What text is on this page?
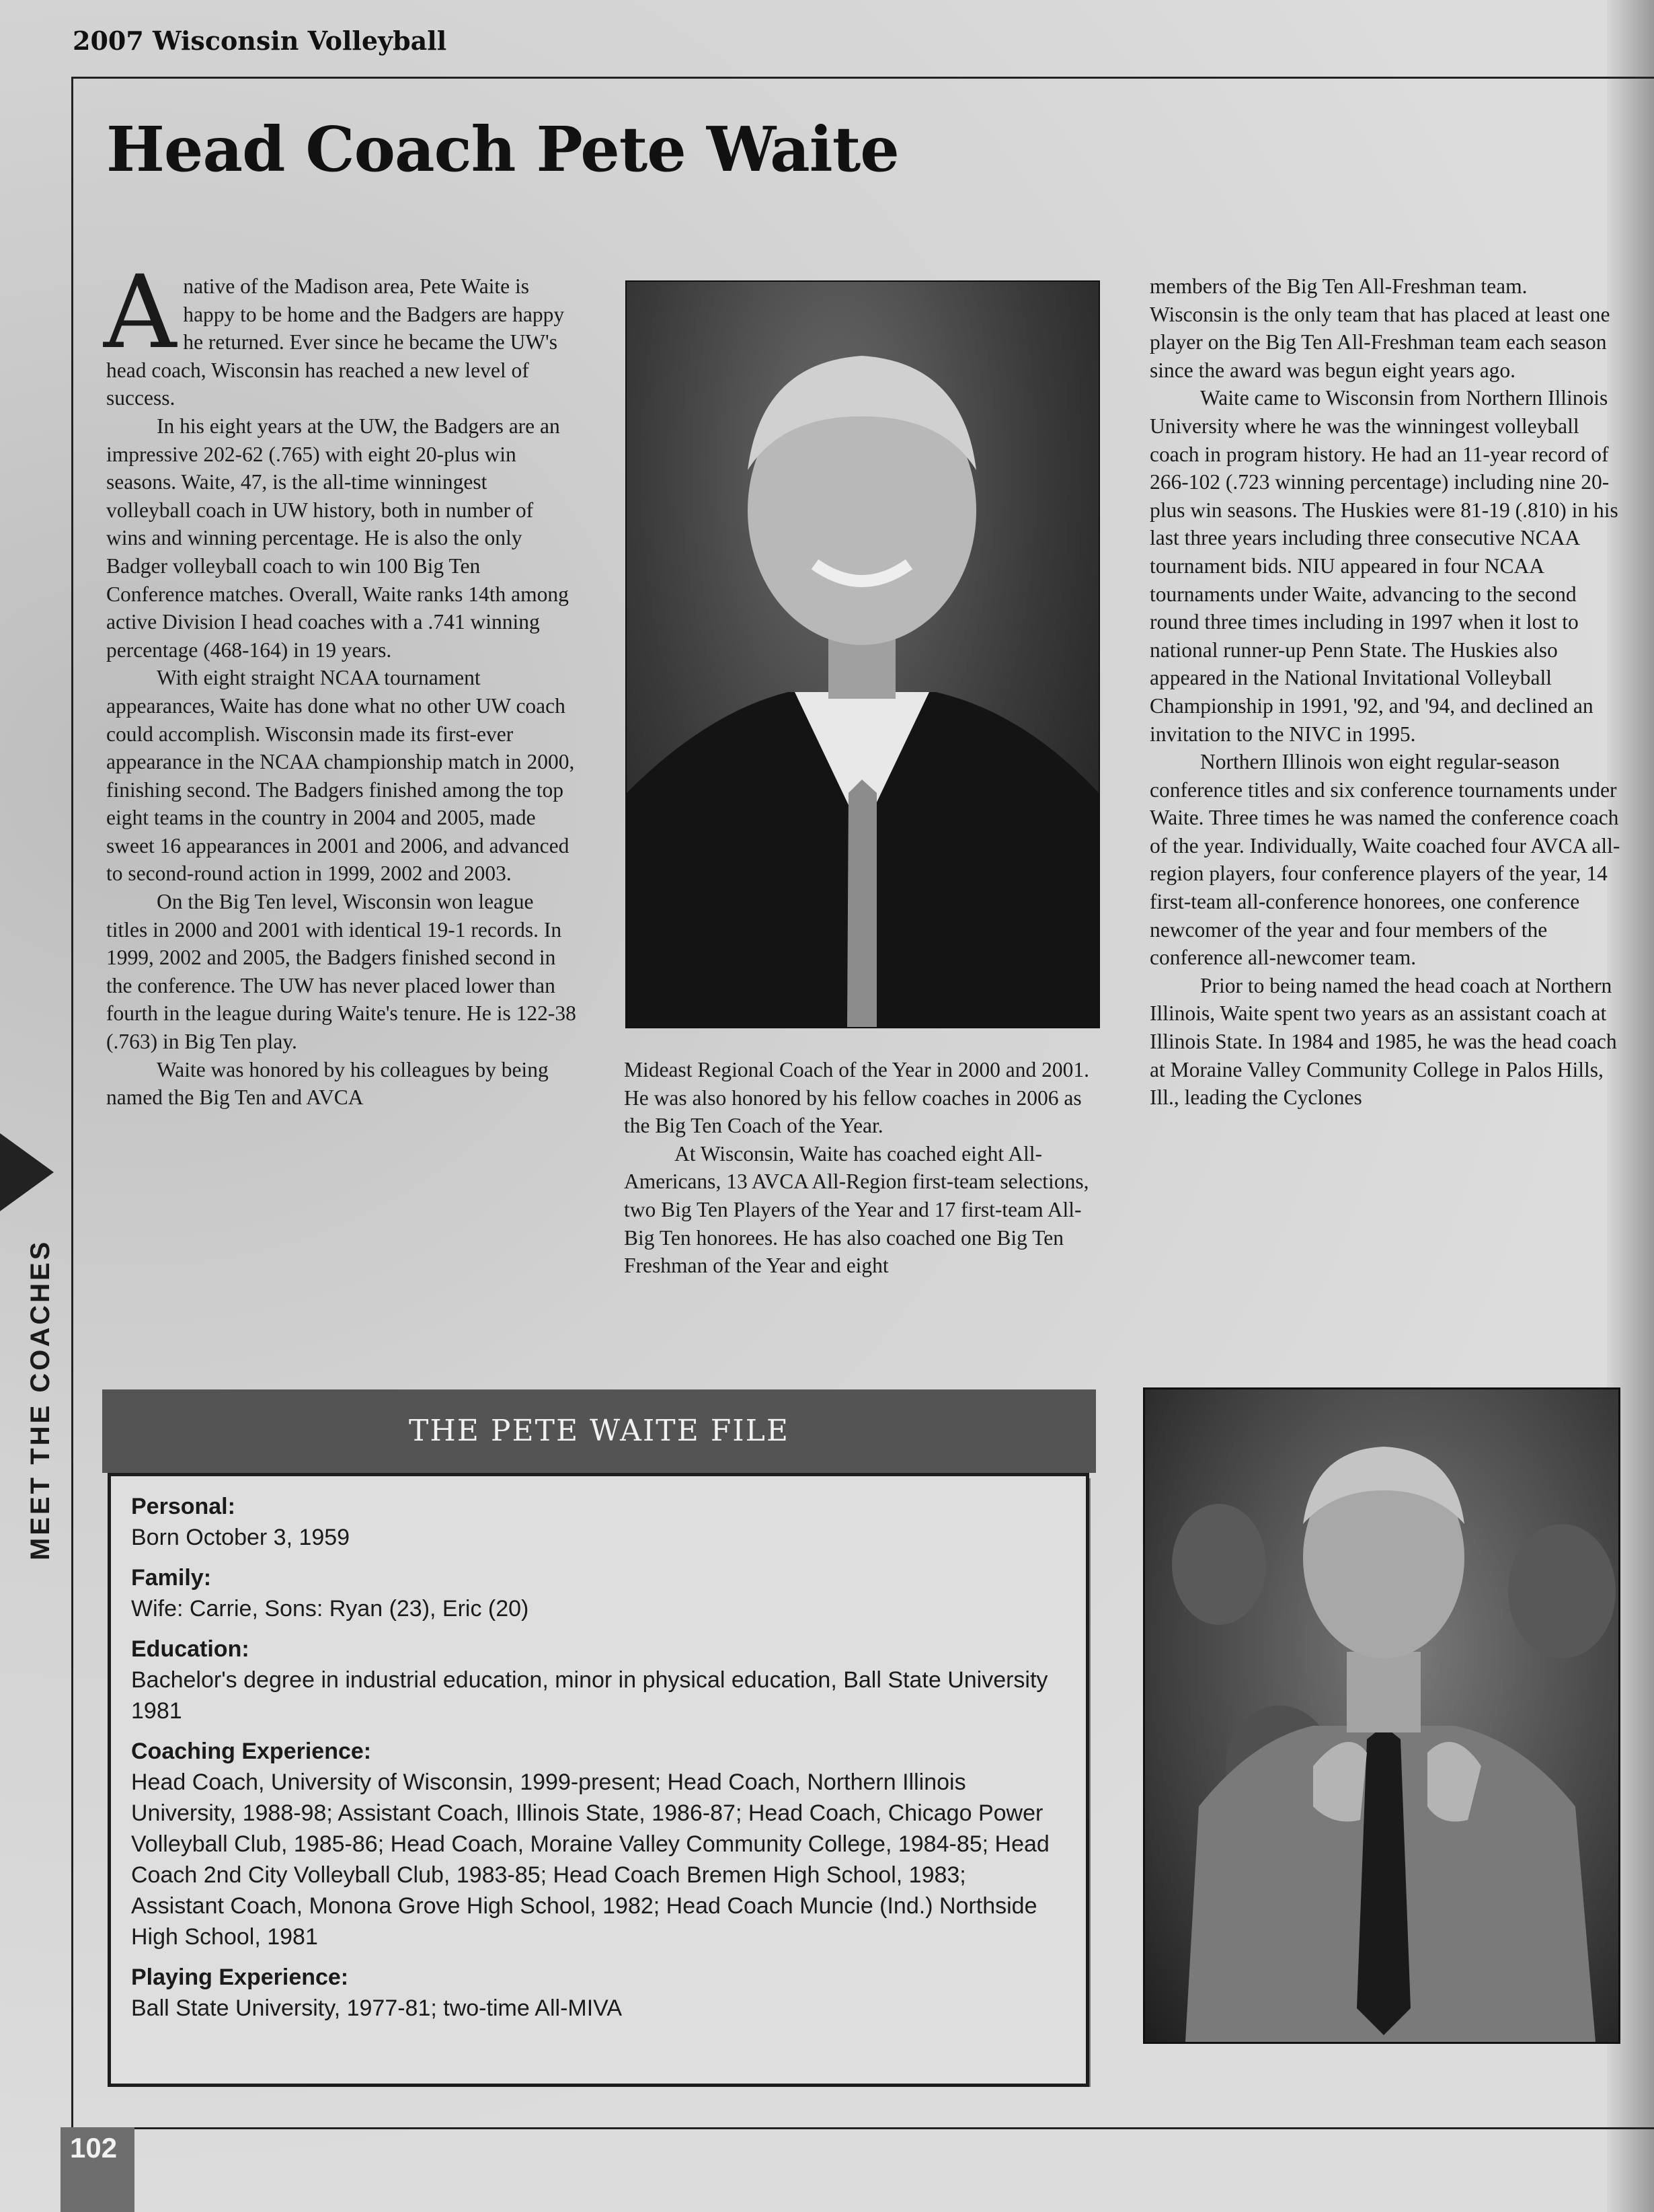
2007 Wisconsin Volleyball
Head Coach Pete Waite

Anative of the Madison area, Pete Waite is happy to be home and the Badgers are happy he returned. Ever since he became the UW's head coach, Wisconsin has reached a new level of success.

In his eight years at the UW, the Badgers are an impressive 202-62 (.765) with eight 20-plus win seasons. Waite, 47, is the all-time winningest volleyball coach in UW history, both in number of wins and winning percentage. He is also the only Badger volleyball coach to win 100 Big Ten Conference matches. Overall, Waite ranks 14th among active Division I head coaches with a .741 winning percentage (468-164) in 19 years.

With eight straight NCAA tournament appearances, Waite has done what no other UW coach could accomplish. Wisconsin made its first-ever appearance in the NCAA championship match in 2000, finishing second. The Badgers finished among the top eight teams in the country in 2004 and 2005, made sweet 16 appearances in 2001 and 2006, and advanced to second-round action in 1999, 2002 and 2003.

On the Big Ten level, Wisconsin won league titles in 2000 and 2001 with identical 19-1 records. In 1999, 2002 and 2005, the Badgers finished second in the conference. The UW has never placed lower than fourth in the league during Waite's tenure. He is 122-38 (.763) in Big Ten play.

Waite was honored by his colleagues by being named the Big Ten and AVCA

Mideast Regional Coach of the Year in 2000 and 2001. He was also honored by his fellow coaches in 2006 as the Big Ten Coach of the Year.

At Wisconsin, Waite has coached eight All-Americans, 13 AVCA All-Region first-team selections, two Big Ten Players of the Year and 17 first-team All-Big Ten honorees. He has also coached one Big Ten Freshman of the Year and eight

members of the Big Ten All-Freshman team. Wisconsin is the only team that has placed at least one player on the Big Ten All-Freshman team each season since the award was begun eight years ago.

Waite came to Wisconsin from Northern Illinois University where he was the winningest volleyball coach in program history. He had an 11-year record of 266-102 (.723 winning percentage) including nine 20-plus win seasons. The Huskies were 81-19 (.810) in his last three years including three consecutive NCAA tournament bids. NIU appeared in four NCAA tournaments under Waite, advancing to the second round three times including in 1997 when it lost to national runner-up Penn State. The Huskies also appeared in the National Invitational Volleyball Championship in 1991, '92, and '94, and declined an invitation to the NIVC in 1995.

Northern Illinois won eight regular-season conference titles and six conference tournaments under Waite. Three times he was named the conference coach of the year. Individually, Waite coached four AVCA all-region players, four conference players of the year, 14 first-team all-conference honorees, one conference newcomer of the year and four members of the conference all-newcomer team.

Prior to being named the head coach at Northern Illinois, Waite spent two years as an assistant coach at Illinois State. In 1984 and 1985, he was the head coach at Moraine Valley Community College in Palos Hills, Ill., leading the Cyclones

THE PETE WAITE FILE
Personal:
Born October 3, 1959
Family:
Wife: Carrie, Sons: Ryan (23), Eric (20)
Education:
Bachelor's degree in industrial education, minor in physical education, Ball State University 1981
Coaching Experience:
Head Coach, University of Wisconsin, 1999-present; Head Coach, Northern Illinois University, 1988-98; Assistant Coach, Illinois State, 1986-87; Head Coach, Chicago Power Volleyball Club, 1985-86; Head Coach, Moraine Valley Community College, 1984-85; Head Coach 2nd City Volleyball Club, 1983-85; Head Coach Bremen High School, 1983; Assistant Coach, Monona Grove High School, 1982; Head Coach Muncie (Ind.) Northside High School, 1981
Playing Experience:
Ball State University, 1977-81; two-time All-MIVA
MEET THE COACHES
102
